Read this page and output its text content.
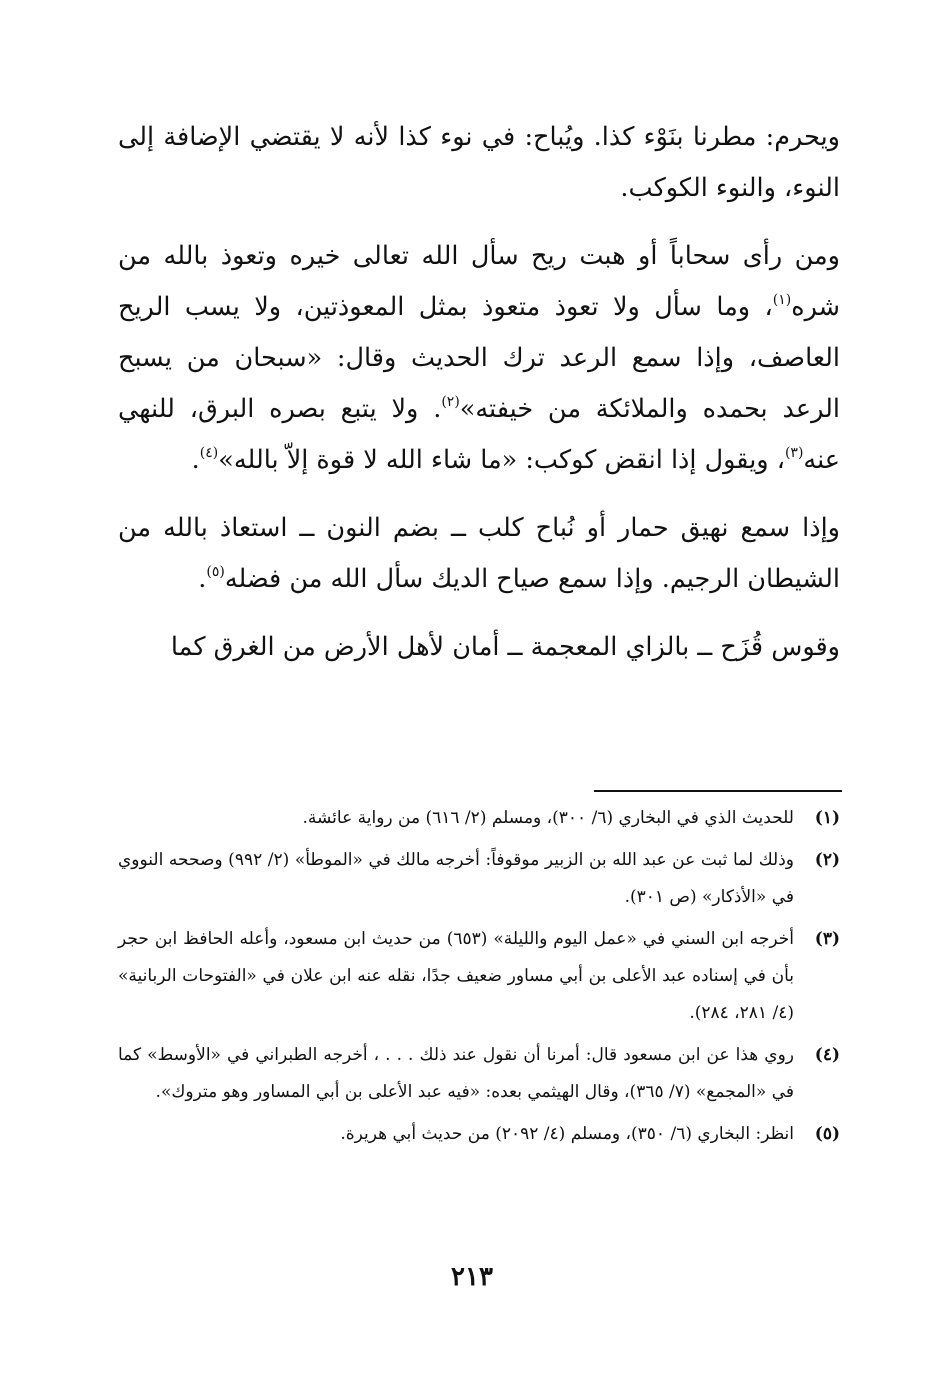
ويحرم: مطرنا بنَوْء كذا. ويُباح: في نوء كذا لأنه لا يقتضي الإضافة إلى النوء، والنوء الكوكب.

ومن رأى سحاباً أو هبت ريح سأل الله تعالى خيره وتعوذ بالله من شره$^{(١)}$، وما سأل ولا تعوذ متعوذ بمثل المعوذتين، ولا يسب الريح العاصف، وإذا سمع الرعد ترك الحديث وقال: «سبحان من يسبح الرعد بحمده والملائكة من خيفته»$^{(٢)}$. ولا يتبع بصره البرق، للنهي عنه$^{(٣)}$، ويقول إذا انقض كوكب: «ما شاء الله لا قوة إلاّ بالله»$^{(٤)}$.

وإذا سمع نهيق حمار أو نُباح كلب ــ بضم النون ــ استعاذ بالله من الشيطان الرجيم. وإذا سمع صياح الديك سأل الله من فضله$^{(٥)}$.

وقوس قُزَح ــ بالزاي المعجمة ــ أمان لأهل الأرض من الغرق كما

(١)
للحديث الذي في البخاري (٦/ ٣٠٠)، ومسلم (٢/ ٦١٦) من رواية عائشة.
(٢)
وذلك لما ثبت عن عبد الله بن الزبير موقوفاً: أخرجه مالك في «الموطأ» (٢/ ٩٩٢) وصححه النووي في «الأذكار» (ص ٣٠١).
(٣)
أخرجه ابن السني في «عمل اليوم والليلة» (٦٥٣) من حديث ابن مسعود، وأعله الحافظ ابن حجر بأن في إسناده عبد الأعلى بن أبي مساور ضعيف جدًا، نقله عنه ابن علان في «الفتوحات الربانية» (٤/ ٢٨١، ٢٨٤).
(٤)
روي هذا عن ابن مسعود قال: أمرنا أن نقول عند ذلك . . . ، أخرجه الطبراني في «الأوسط» كما في «المجمع» (٧/ ٣٦٥)، وقال الهيثمي بعده: «فيه عبد الأعلى بن أبي المساور وهو متروك».
(٥)
انظر: البخاري (٦/ ٣٥٠)، ومسلم (٤/ ٢٠٩٢) من حديث أبي هريرة.
٢١٣
